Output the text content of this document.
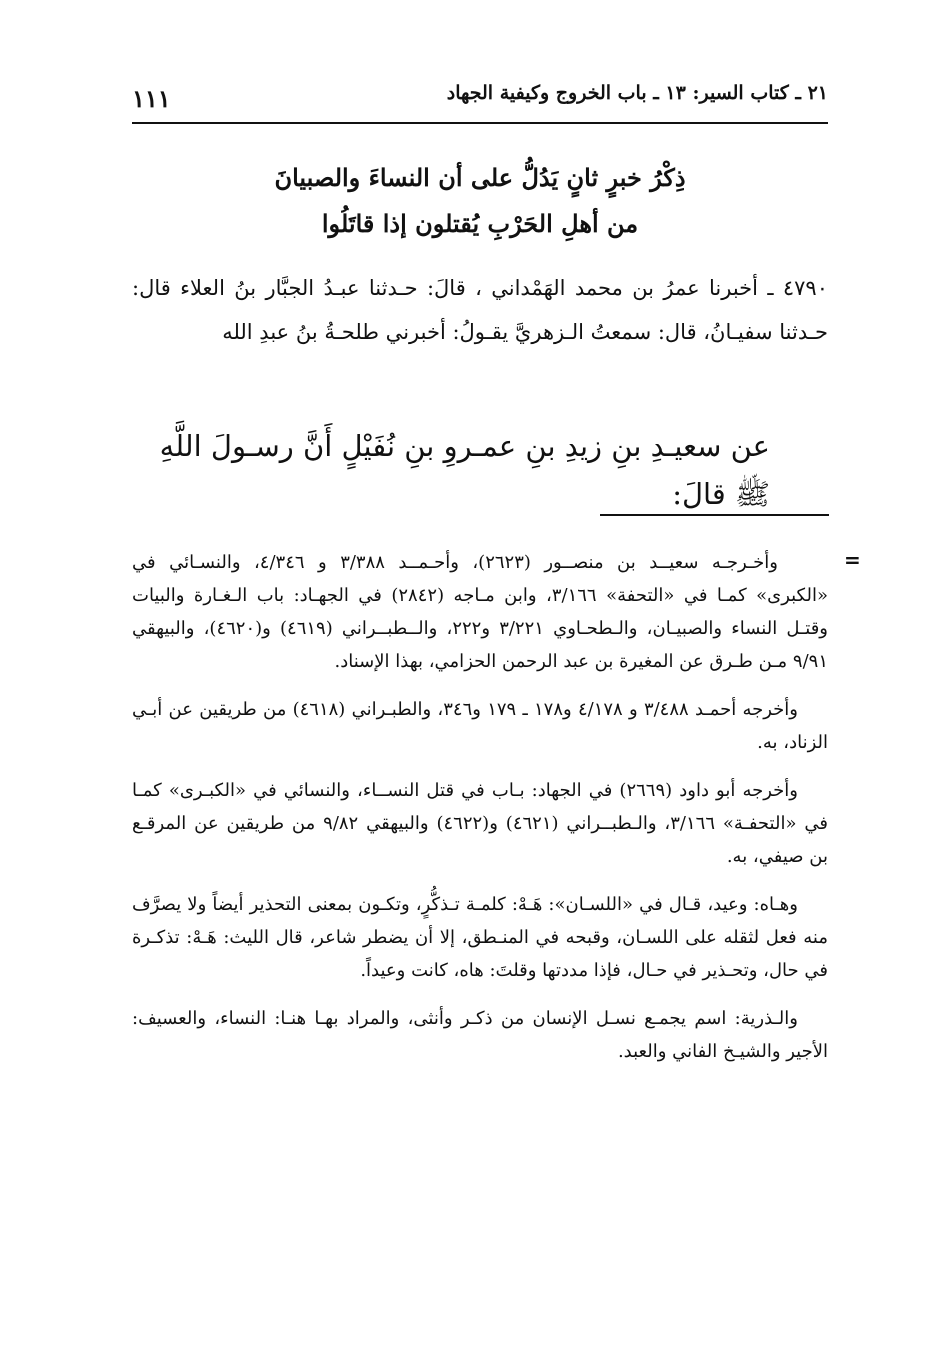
٢١ ـ كتاب السير: ١٣ ـ باب الخروج وكيفية الجهاد
١١١
ذِكْرُ خبرٍ ثانٍ يَدُلُّ على أن النساءَ والصبيانَ
من أهلِ الحَرْبِ يُقتلون إذا قاتَلُوا
٤٧٩٠ ـ أخبرنا عمرُ بن محمد الهَمْداني ، قالَ: حـدثنا عبـدُ الجبَّار بنُ العلاء قال: حـدثنا سفيـانُ، قال: سمعتُ الـزهريَّ يقـولُ: أخبرني طلحـةُ بنُ عبدِ الله
عن سعيـدِ بنِ زيدِ بنِ عمـروِ بنِ نُفَيْلٍ أَنَّ رسـولَ اللَّهِ ﷺ قالَ:
=

وأخـرجـه سعيــد بن منصــور (٢٦٢٣)، وأحـمــد ٣/٣٨٨ و ٤/٣٤٦، والنسـائي في «الكبرى» كمـا في «التحفة» ٣/١٦٦، وابن مـاجه (٢٨٤٢) في الجهـاد: باب الـغـارة والبيات وقتـل النساء والصبيـان، والـطحـاوي ٣/٢٢١ و٢٢٢، والــطبــراني (٤٦١٩) و(٤٦٢٠)، والبيهقي ٩/٩١ مـن طـرق عن المغيرة بن عبد الرحمن الحزامي، بهذا الإسناد.

وأخرجه أحمـد ٣/٤٨٨ و ٤/١٧٨ و١٧٨ ـ ١٧٩ و٣٤٦، والطبـراني (٤٦١٨) من طريقين عن أبـي الزناد، به.

وأخرجه أبو داود (٢٦٦٩) في الجهاد: بـاب في قتل النســاء، والنسائي في «الكبـرى» كمـا في «التحفـة» ٣/١٦٦، والـطبــراني (٤٦٢١) و(٤٦٢٢) والبيهقي ٩/٨٢ من طريقين عن المرقـع بن صيفي، به.

وهـاه: وعيد، قـال في «اللسـان»: هَـهْ: كلمـة تـذكُّرٍ، وتكـون بمعنى التحذير أيضاً ولا يصرَّف منه فعل لثقله على اللسـان، وقبحه في المنـطق، إلا أن يضطر شاعر، قال الليث: هَـهْ: تذكـرة في حال، وتحـذير في حـال، فإذا مددتها وقلتَ: هاه، كانت وعيداً.

والـذرية: اسم يجمـع نسـل الإنسان من ذكـر وأنثى، والمراد بهـا هنـا: النساء، والعسيف: الأجير والشيـخ الفاني والعبد.
